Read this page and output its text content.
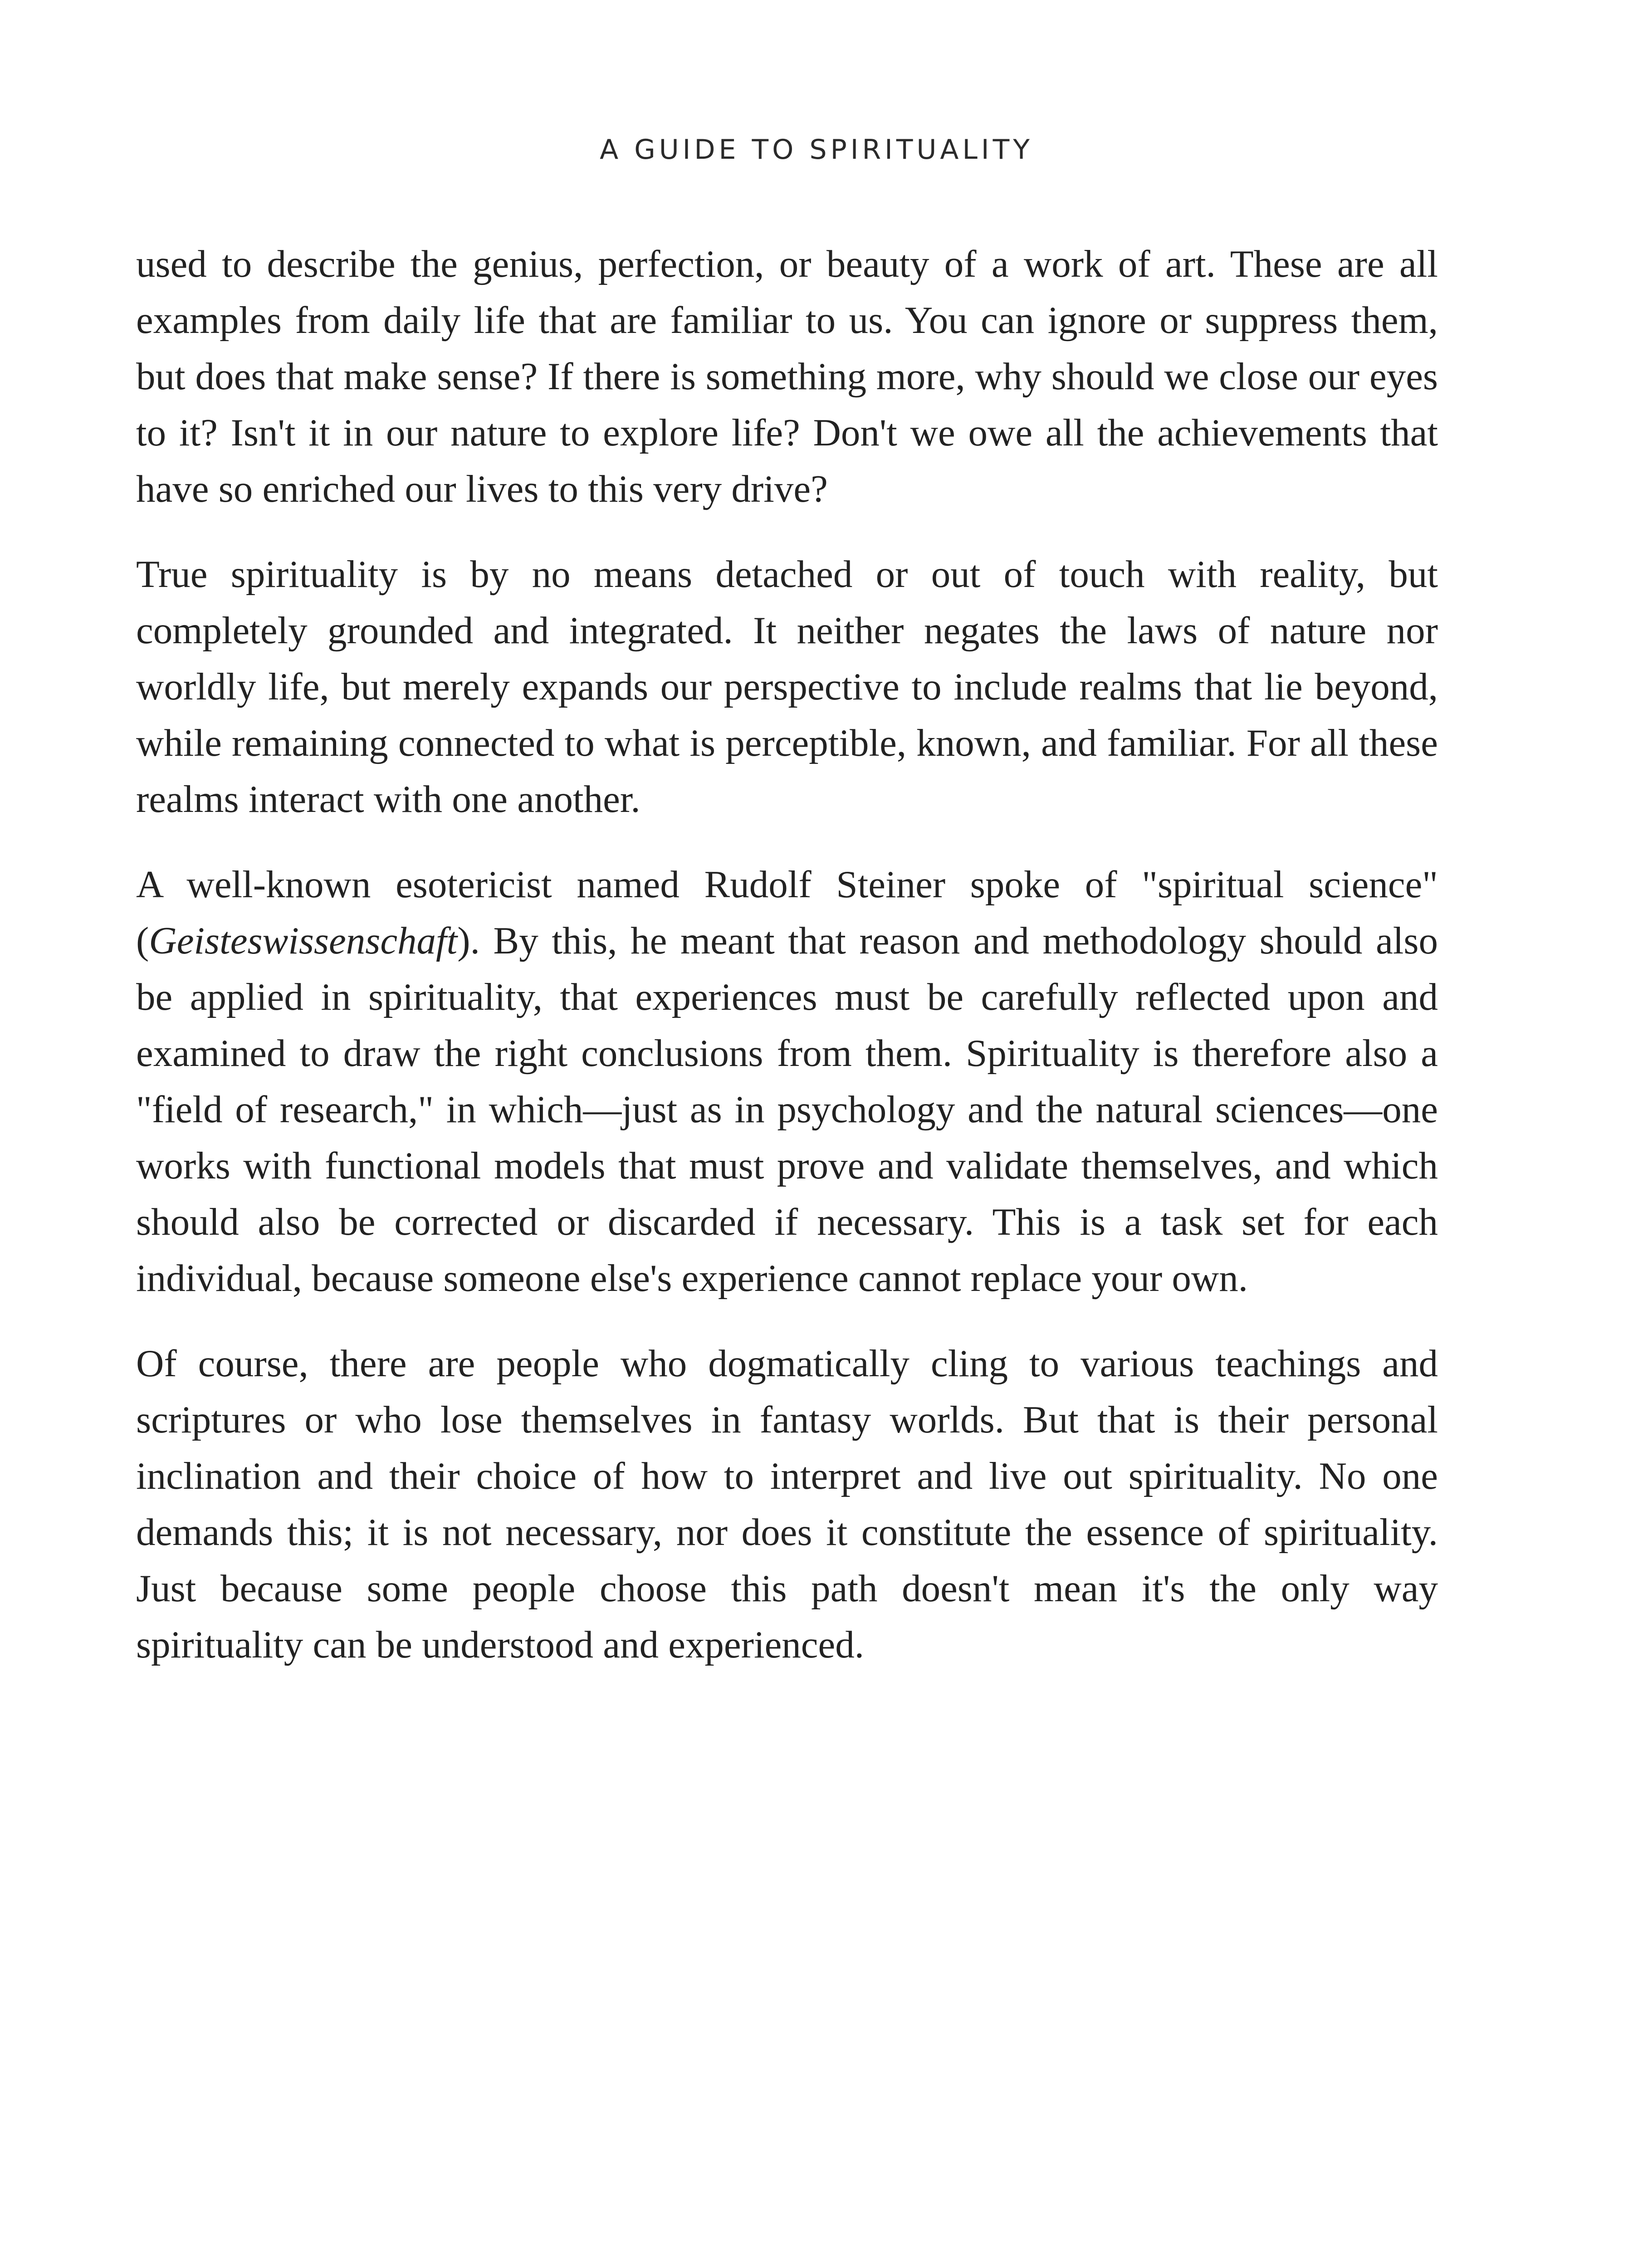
A GUIDE TO SPIRITUALITY

used to describe the genius, perfection, or beauty of a work of art. These are all examples from daily life that are familiar to us. You can ignore or suppress them, but does that make sense? If there is something more, why should we close our eyes to it? Isn't it in our nature to explore life? Don't we owe all the achievements that have so enriched our lives to this very drive?

True spirituality is by no means detached or out of touch with reality, but completely grounded and integrated. It neither negates the laws of nature nor worldly life, but merely expands our perspective to include realms that lie beyond, while remaining connected to what is perceptible, known, and familiar. For all these realms interact with one another.

A well-known esotericist named Rudolf Steiner spoke of "spiritual science" (Geisteswissenschaft). By this, he meant that reason and methodology should also be applied in spirituality, that experiences must be carefully reflected upon and examined to draw the right conclusions from them. Spirituality is therefore also a "field of research," in which—just as in psychology and the natural sciences—one works with functional models that must prove and validate themselves, and which should also be corrected or discarded if necessary. This is a task set for each individual, because someone else's experience cannot replace your own.

Of course, there are people who dogmatically cling to various teachings and scriptures or who lose themselves in fantasy worlds. But that is their personal inclination and their choice of how to interpret and live out spirituality. No one demands this; it is not necessary, nor does it constitute the essence of spirituality. Just because some people choose this path doesn't mean it's the only way spirituality can be understood and experienced.
